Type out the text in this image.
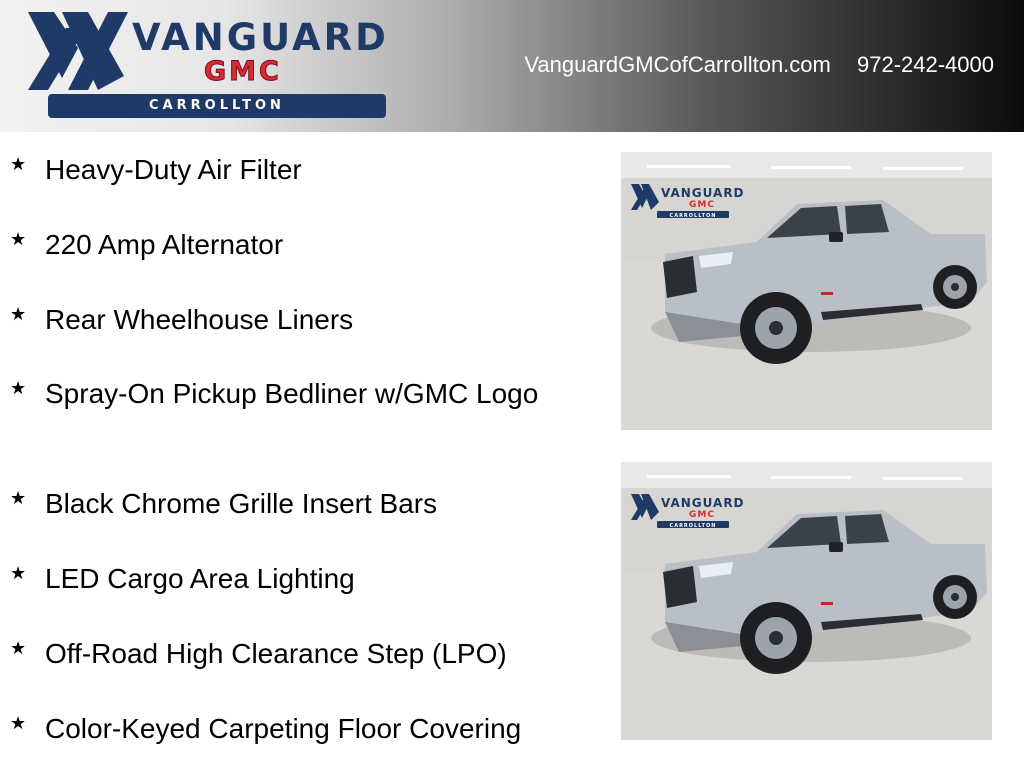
VANGUARD
GMC
CARROLLTON
VanguardGMCofCarrollton.com 972-242-4000
★ Heavy-Duty Air Filter
★ 220 Amp Alternator
★ Rear Wheelhouse Liners
★ Spray-On Pickup Bedliner w/GMC Logo
★ Black Chrome Grille Insert Bars
★ LED Cargo Area Lighting
★ Off-Road High Clearance Step (LPO)
★ Color-Keyed Carpeting Floor Covering
VANGUARD
GMC
CARROLLTON
VANGUARD
GMC
CARROLLTON
